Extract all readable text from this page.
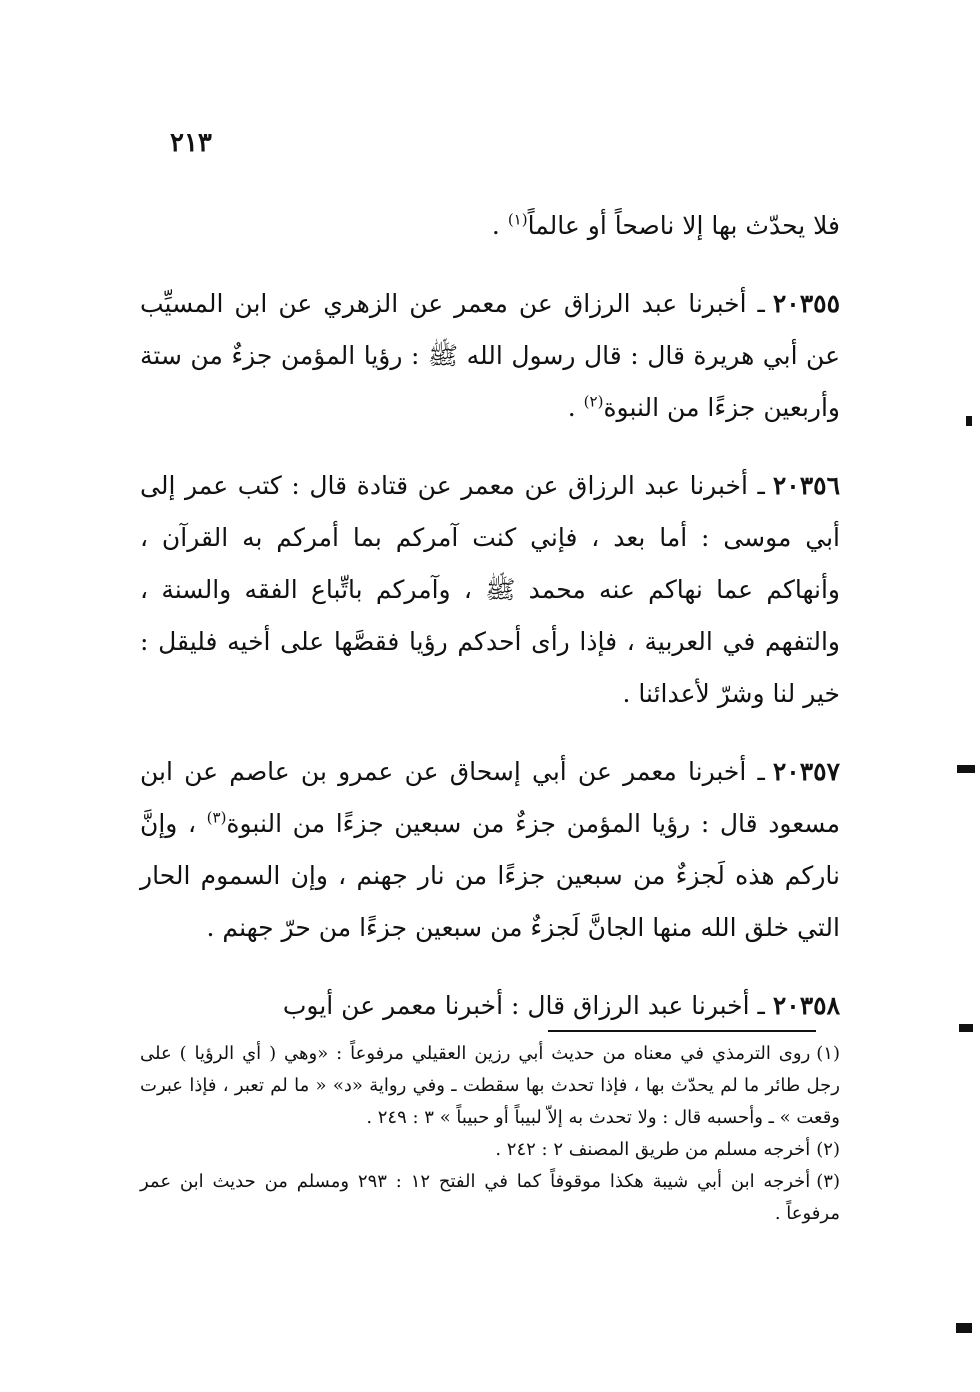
٢١٣

فلا يحدّث بها إلا ناصحاً أو عالماً$^{(١)}$ .

٢٠٣٥٥ـ أخبرنا عبد الرزاق عن معمر عن الزهري عن ابن المسيِّب عن أبي هريرة قال : قال رسول الله ﷺ : رؤيا المؤمن جزءٌ من ستة وأربعين جزءًا من النبوة$^{(٢)}$ .

٢٠٣٥٦ـ أخبرنا عبد الرزاق عن معمر عن قتادة قال : كتب عمر إلى أبي موسى : أما بعد ، فإني كنت آمركم بما أمركم به القرآن ، وأنهاكم عما نهاكم عنه محمد ﷺ ، وآمركم باتِّباع الفقه والسنة ، والتفهم في العربية ، فإذا رأى أحدكم رؤيا فقصَّها على أخيه فليقل : خير لنا وشرّ لأعدائنا .

٢٠٣٥٧ـ أخبرنا معمر عن أبي إسحاق عن عمرو بن عاصم عن ابن مسعود قال : رؤيا المؤمن جزءٌ من سبعين جزءًا من النبوة$^{(٣)}$ ، وإنَّ ناركم هذه لَجزءٌ من سبعين جزءًا من نار جهنم ، وإن السموم الحار التي خلق الله منها الجانَّ لَجزءٌ من سبعين جزءًا من حرّ جهنم .

٢٠٣٥٨ـ أخبرنا عبد الرزاق قال : أخبرنا معمر عن أيوب

(١)روى الترمذي في معناه من حديث أبي رزين العقيلي مرفوعاً : «وهي ( أي الرؤيا ) على رجل طائر ما لم يحدّث بها ، فإذا تحدث بها سقطت ـ وفي رواية «د» « ما لم تعبر ، فإذا عبرت وقعت » ـ وأحسبه قال : ولا تحدث به إلاّ لبيباً أو حبيباً » ٣ : ٢٤٩ .

(٢)أخرجه مسلم من طريق المصنف ٢ : ٢٤٢ .

(٣)أخرجه ابن أبي شيبة هكذا موقوفاً كما في الفتح ١٢ : ٢٩٣ ومسلم من حديث ابن عمر مرفوعاً .
